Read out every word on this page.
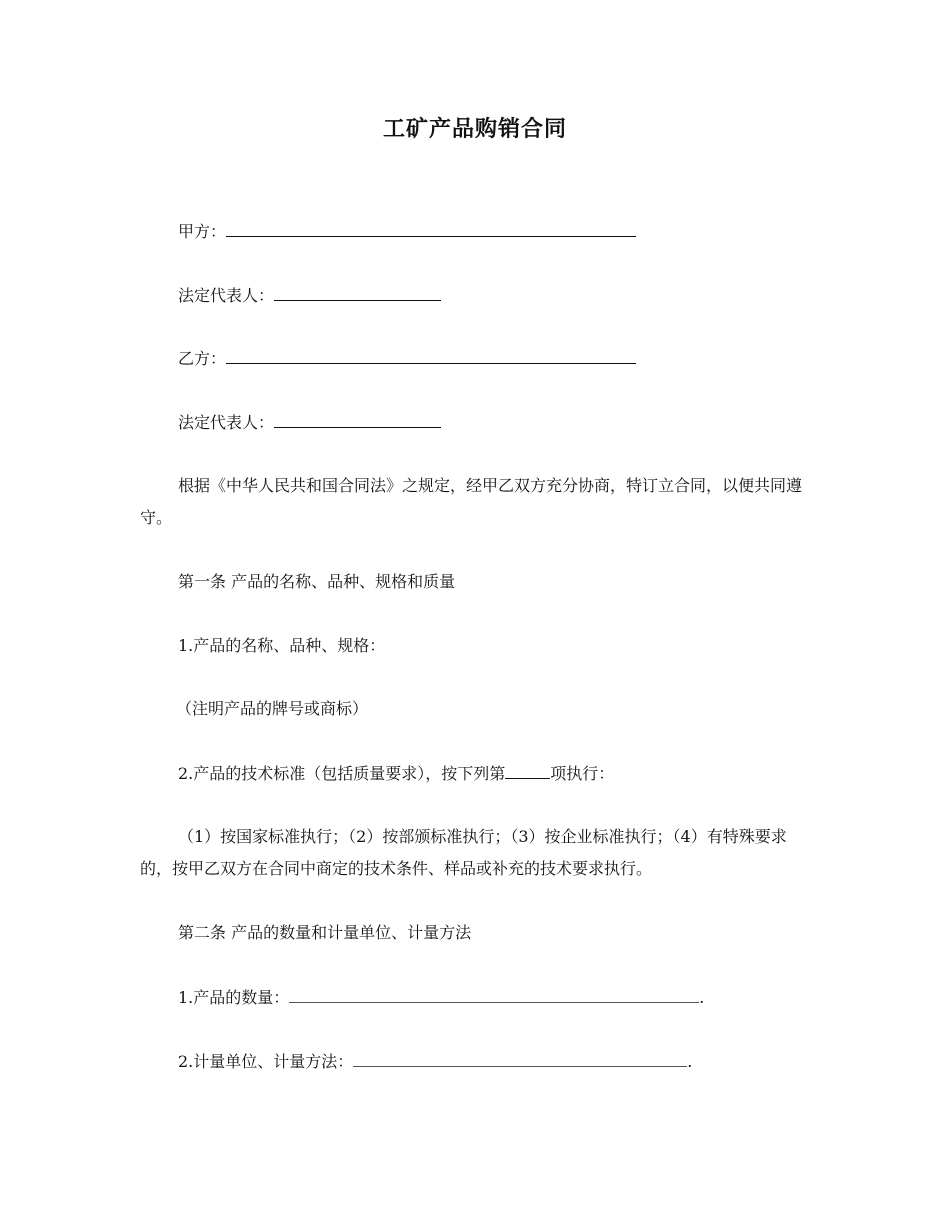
工矿产品购销合同
甲方：
法定代表人：
乙方：
法定代表人：
根据《中华人民共和国合同法》之规定，经甲乙双方充分协商，特订立合同，以便共同遵守。
第一条 产品的名称、品种、规格和质量
1.产品的名称、品种、规格：
（注明产品的牌号或商标）
2.产品的技术标准（包括质量要求），按下列第	项执行：
（1）按国家标准执行；（2）按部颁标准执行；（3）按企业标准执行；（4）有特殊要求的，按甲乙双方在合同中商定的技术条件、样品或补充的技术要求执行。
第二条 产品的数量和计量单位、计量方法
1.产品的数量：	.
2.计量单位、计量方法：	.
